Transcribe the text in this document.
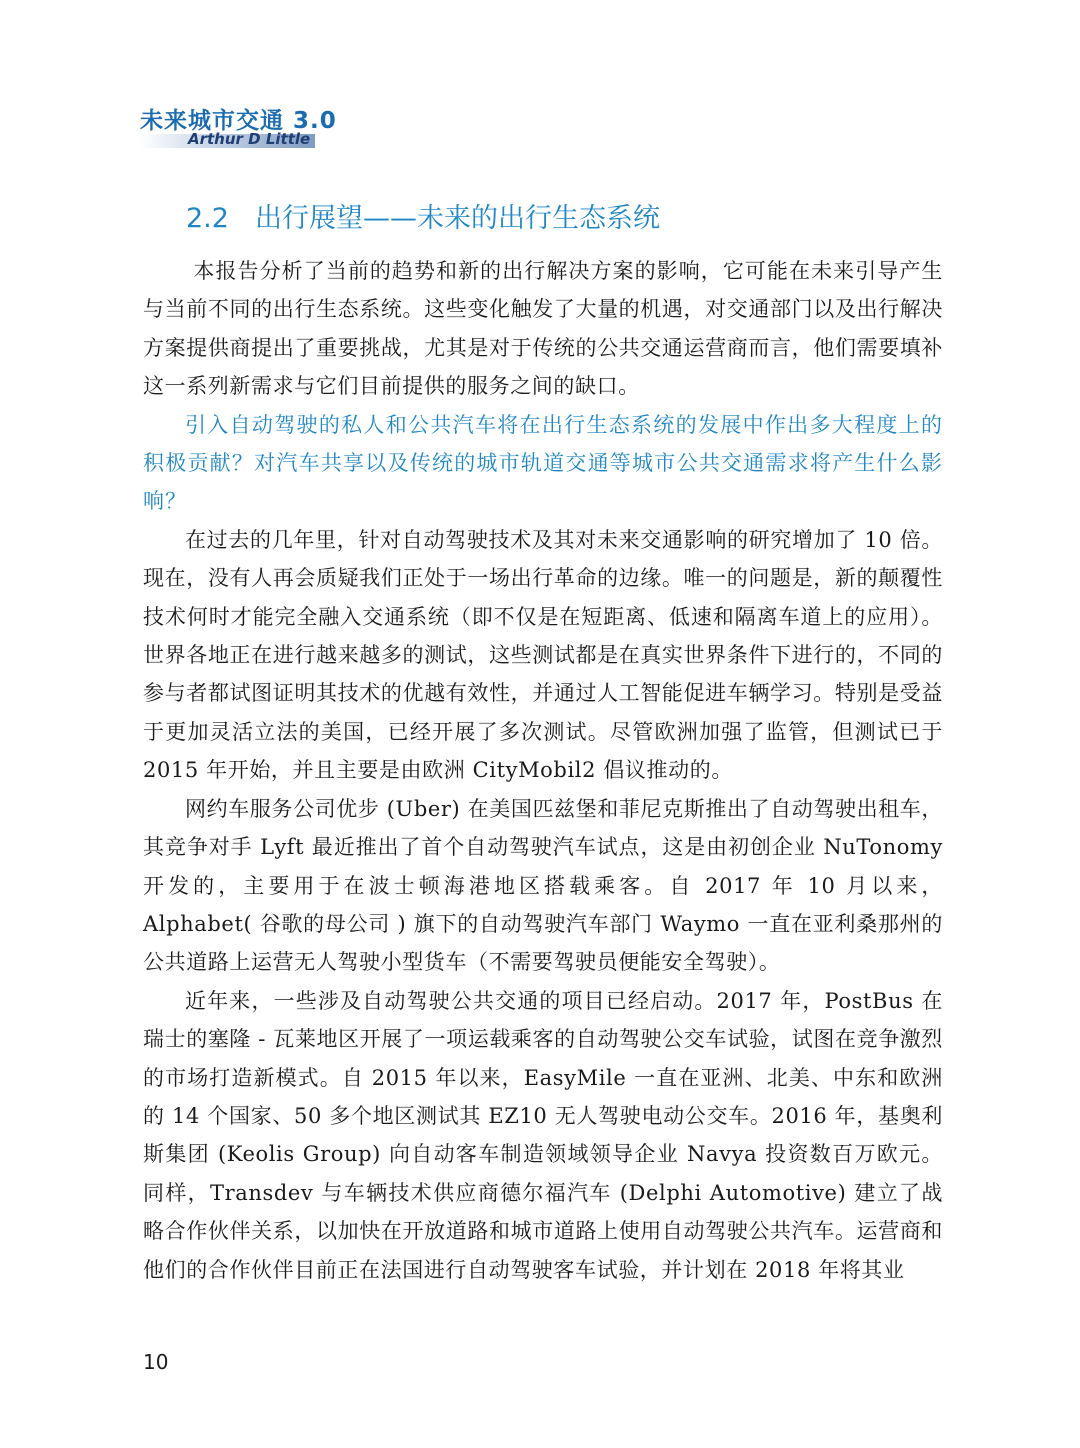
未来城市交通 3.0
Arthur D Little
2.2 出行展望——未来的出行生态系统

本报告分析了当前的趋势和新的出行解决方案的影响，它可能在未来引导产生与当前不同的出行生态系统。这些变化触发了大量的机遇，对交通部门以及出行解决方案提供商提出了重要挑战，尤其是对于传统的公共交通运营商而言，他们需要填补这一系列新需求与它们目前提供的服务之间的缺口。

引入自动驾驶的私人和公共汽车将在出行生态系统的发展中作出多大程度上的积极贡献？对汽车共享以及传统的城市轨道交通等城市公共交通需求将产生什么影响？

在过去的几年里，针对自动驾驶技术及其对未来交通影响的研究增加了 10 倍。现在，没有人再会质疑我们正处于一场出行革命的边缘。唯一的问题是，新的颠覆性技术何时才能完全融入交通系统（即不仅是在短距离、低速和隔离车道上的应用）。世界各地正在进行越来越多的测试，这些测试都是在真实世界条件下进行的，不同的参与者都试图证明其技术的优越有效性，并通过人工智能促进车辆学习。特别是受益于更加灵活立法的美国，已经开展了多次测试。尽管欧洲加强了监管，但测试已于 2015 年开始，并且主要是由欧洲 CityMobil2 倡议推动的。

网约车服务公司优步 (Uber) 在美国匹兹堡和菲尼克斯推出了自动驾驶出租车，其竞争对手 Lyft 最近推出了首个自动驾驶汽车试点，这是由初创企业 NuTonomy 开发的，主要用于在波士顿海港地区搭载乘客。自 2017 年 10 月以来，Alphabet( 谷歌的母公司 ) 旗下的自动驾驶汽车部门 Waymo 一直在亚利桑那州的公共道路上运营无人驾驶小型货车（不需要驾驶员便能安全驾驶）。

近年来，一些涉及自动驾驶公共交通的项目已经启动。2017 年，PostBus 在瑞士的塞隆 - 瓦莱地区开展了一项运载乘客的自动驾驶公交车试验，试图在竞争激烈的市场打造新模式。自 2015 年以来，EasyMile 一直在亚洲、北美、中东和欧洲的 14 个国家、50 多个地区测试其 EZ10 无人驾驶电动公交车。2016 年，基奥利斯集团 (Keolis Group) 向自动客车制造领域领导企业 Navya 投资数百万欧元。同样，Transdev 与车辆技术供应商德尔福汽车 (Delphi Automotive) 建立了战略合作伙伴关系，以加快在开放道路和城市道路上使用自动驾驶公共汽车。运营商和他们的合作伙伴目前正在法国进行自动驾驶客车试验，并计划在 2018 年将其业

10
